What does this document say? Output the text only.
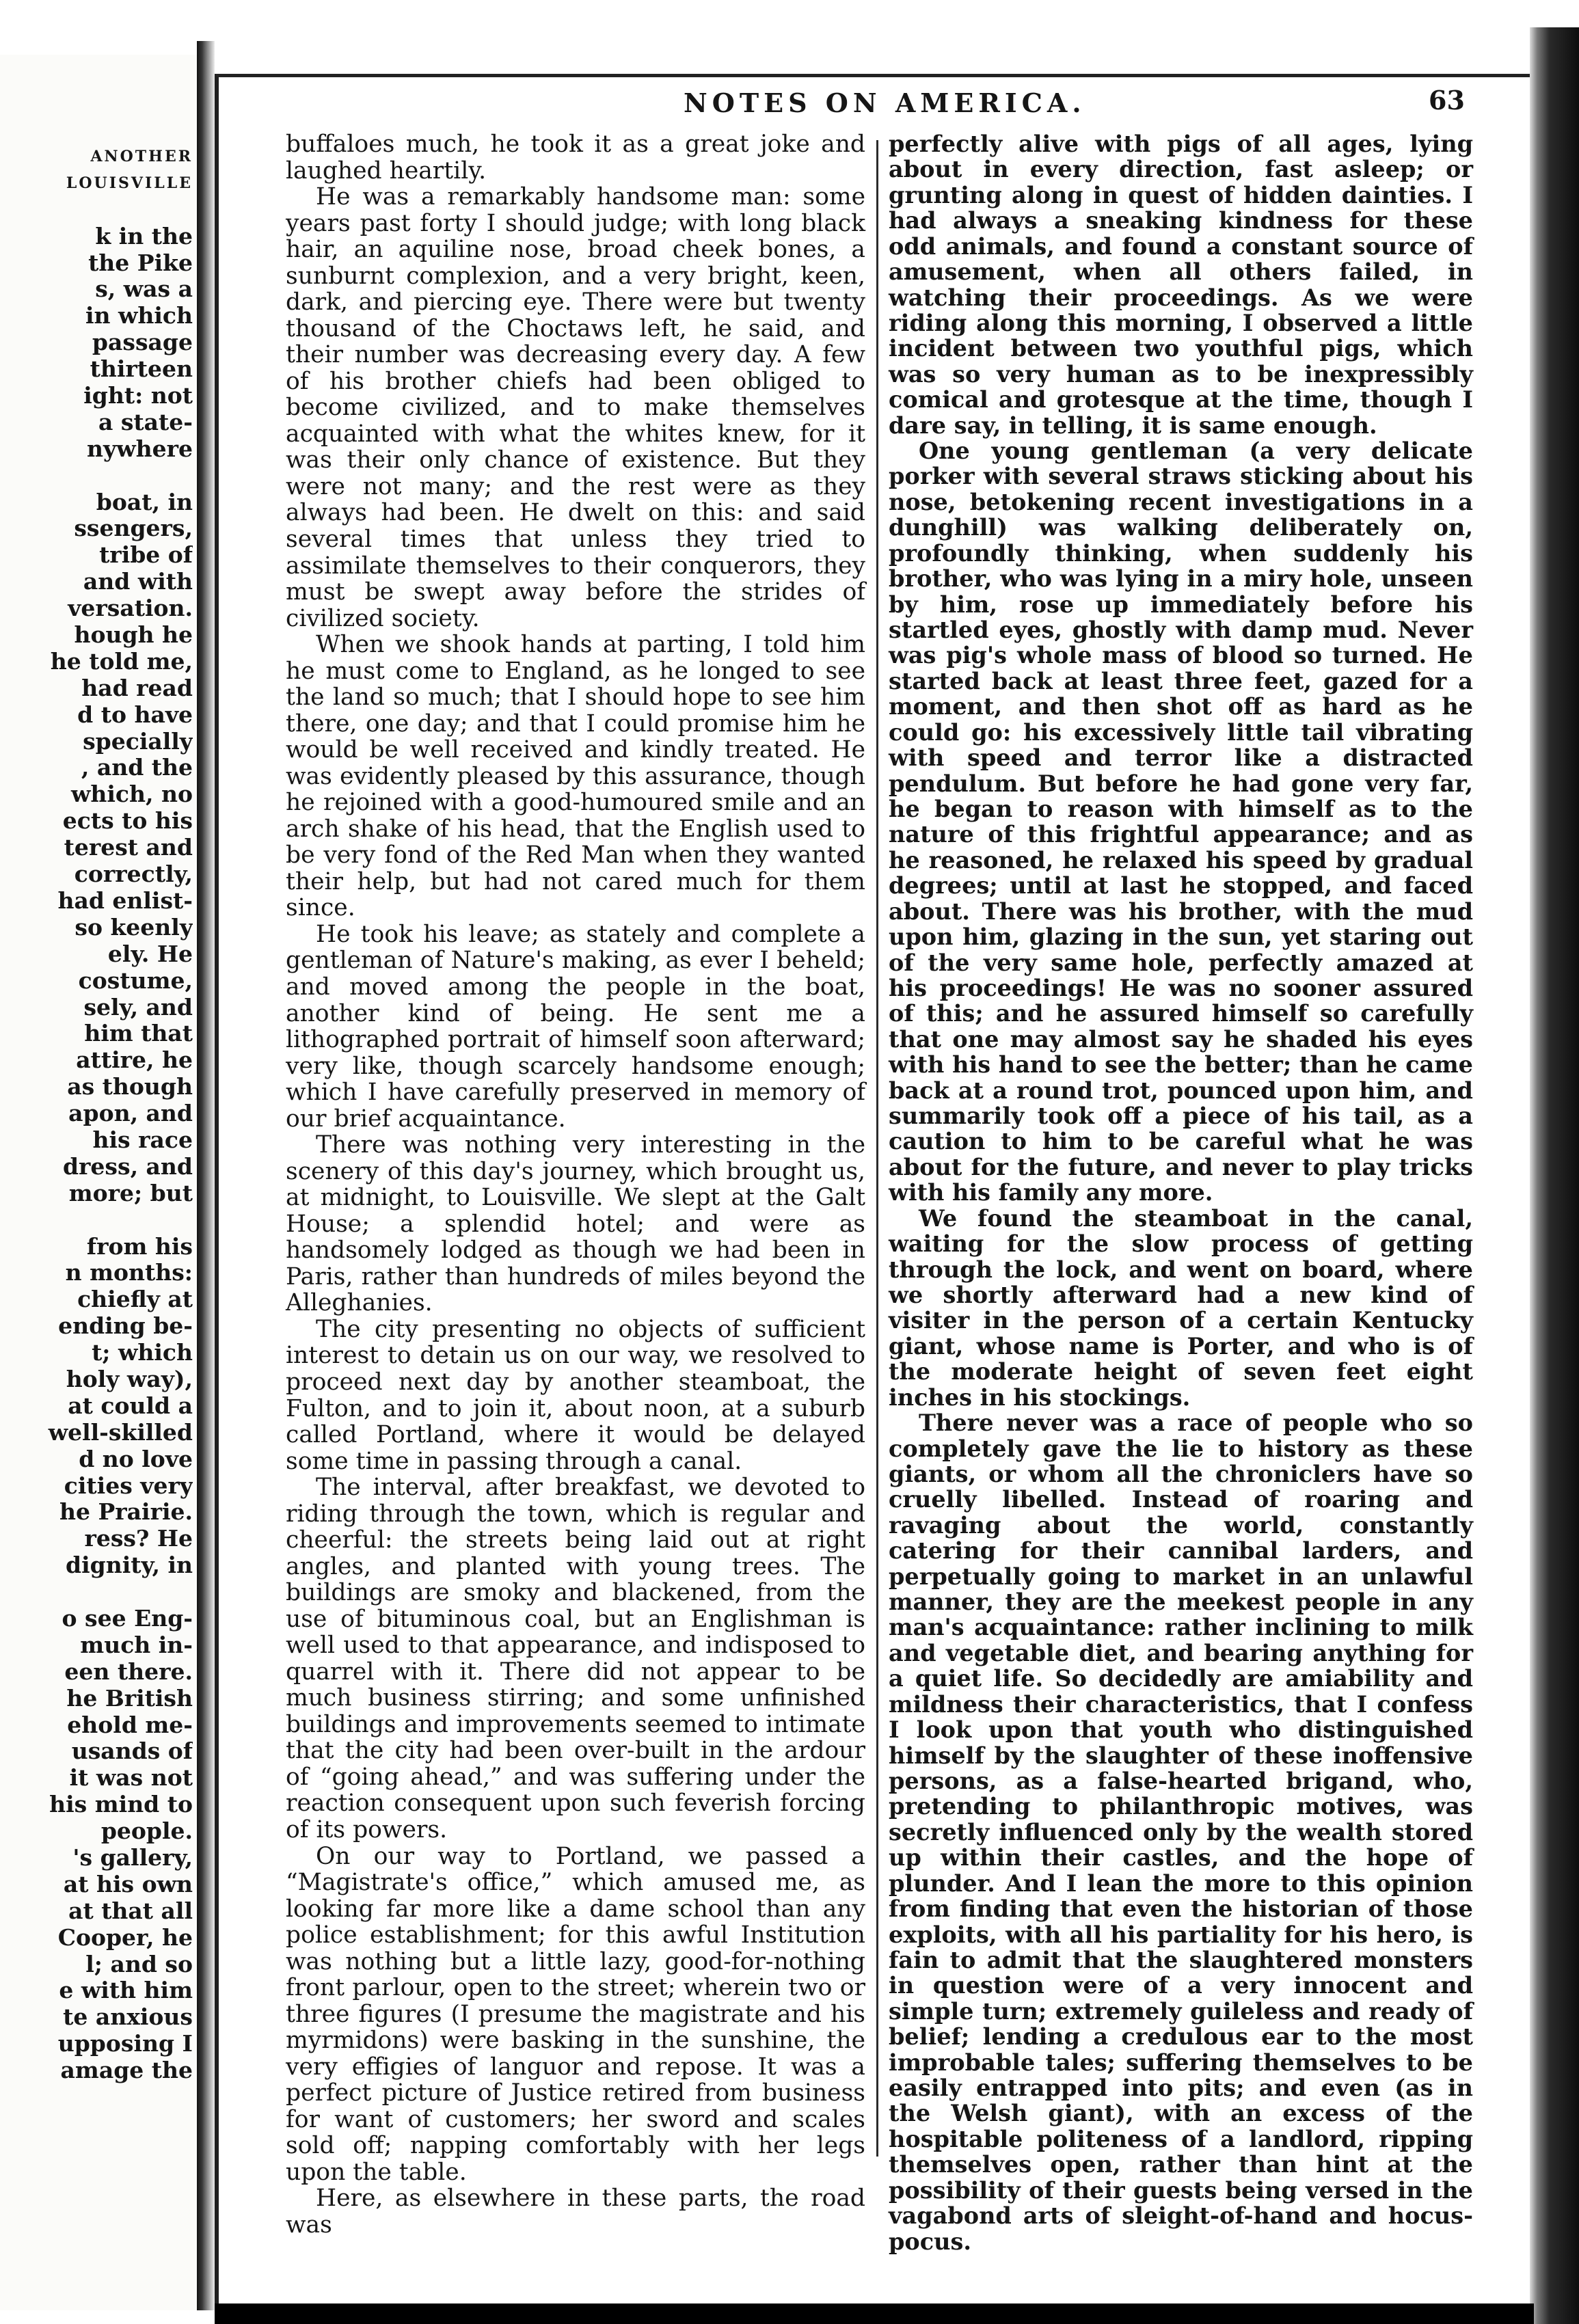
ANOTHER
LOUISVILLE
k in the
the Pike
s, was a
in which
passage
thirteen
ight: not
a state-
nywhere
boat, in
ssengers,
tribe of
and with
versation.
hough he
he told me,
had read
d to have
specially
, and the
which, no
ects to his
terest and
correctly,
had enlist-
so keenly
ely. He
costume,
sely, and
him that
attire, he
as though
apon, and
his race
dress, and
more; but
from his
n months:
chiefly at
ending be-
t; which
holy way),
at could a
well-skilled
d no love
cities very
he Prairie.
ress? He
dignity, in
o see Eng-
much in-
een there.
he British
ehold me-
usands of
it was not
his mind to
people.
's gallery,
at his own
at that all
Cooper, he
l; and so
e with him
te anxious
upposing I
amage the
NOTES ON AMERICA.	63

buffaloes much, he took it as a great joke and laughed heartily.

He was a remarkably handsome man: some years past forty I should judge; with long black hair, an aquiline nose, broad cheek bones, a sunburnt complexion, and a very bright, keen, dark, and piercing eye. There were but twenty thousand of the Choctaws left, he said, and their number was decreasing every day. A few of his brother chiefs had been obliged to become civilized, and to make themselves acquainted with what the whites knew, for it was their only chance of existence. But they were not many; and the rest were as they always had been. He dwelt on this: and said several times that unless they tried to assimilate themselves to their conquerors, they must be swept away before the strides of civilized society.

When we shook hands at parting, I told him he must come to England, as he longed to see the land so much; that I should hope to see him there, one day; and that I could promise him he would be well received and kindly treated. He was evidently pleased by this assurance, though he rejoined with a good-humoured smile and an arch shake of his head, that the English used to be very fond of the Red Man when they wanted their help, but had not cared much for them since.

He took his leave; as stately and complete a gentleman of Nature's making, as ever I beheld; and moved among the people in the boat, another kind of being. He sent me a lithographed portrait of himself soon afterward; very like, though scarcely handsome enough; which I have carefully preserved in memory of our brief acquaintance.

There was nothing very interesting in the scenery of this day's journey, which brought us, at midnight, to Louisville. We slept at the Galt House; a splendid hotel; and were as handsomely lodged as though we had been in Paris, rather than hundreds of miles beyond the Alleghanies.

The city presenting no objects of sufficient interest to detain us on our way, we resolved to proceed next day by another steamboat, the Fulton, and to join it, about noon, at a suburb called Portland, where it would be delayed some time in passing through a canal.

The interval, after breakfast, we devoted to riding through the town, which is regular and cheerful: the streets being laid out at right angles, and planted with young trees. The buildings are smoky and blackened, from the use of bituminous coal, but an Englishman is well used to that appearance, and indisposed to quarrel with it. There did not appear to be much business stirring; and some unfinished buildings and improvements seemed to intimate that the city had been over-built in the ardour of “going ahead,” and was suffering under the reaction consequent upon such feverish forcing of its powers.

On our way to Portland, we passed a “Magistrate's office,” which amused me, as looking far more like a dame school than any police establishment; for this awful Institution was nothing but a little lazy, good-for-nothing front parlour, open to the street; wherein two or three figures (I presume the magistrate and his myrmidons) were basking in the sunshine, the very effigies of languor and repose. It was a perfect picture of Justice retired from business for want of customers; her sword and scales sold off; napping comfortably with her legs upon the table.

Here, as elsewhere in these parts, the road was

perfectly alive with pigs of all ages, lying about in every direction, fast asleep; or grunting along in quest of hidden dainties. I had always a sneaking kindness for these odd animals, and found a constant source of amusement, when all others failed, in watching their proceedings. As we were riding along this morning, I observed a little incident between two youthful pigs, which was so very human as to be inexpressibly comical and grotesque at the time, though I dare say, in telling, it is same enough.

One young gentleman (a very delicate porker with several straws sticking about his nose, betokening recent investigations in a dunghill) was walking deliberately on, profoundly thinking, when suddenly his brother, who was lying in a miry hole, unseen by him, rose up immediately before his startled eyes, ghostly with damp mud. Never was pig's whole mass of blood so turned. He started back at least three feet, gazed for a moment, and then shot off as hard as he could go: his excessively little tail vibrating with speed and terror like a distracted pendulum. But before he had gone very far, he began to reason with himself as to the nature of this frightful appearance; and as he reasoned, he relaxed his speed by gradual degrees; until at last he stopped, and faced about. There was his brother, with the mud upon him, glazing in the sun, yet staring out of the very same hole, perfectly amazed at his proceedings! He was no sooner assured of this; and he assured himself so carefully that one may almost say he shaded his eyes with his hand to see the better; than he came back at a round trot, pounced upon him, and summarily took off a piece of his tail, as a caution to him to be careful what he was about for the future, and never to play tricks with his family any more.

We found the steamboat in the canal, waiting for the slow process of getting through the lock, and went on board, where we shortly afterward had a new kind of visiter in the person of a certain Kentucky giant, whose name is Porter, and who is of the moderate height of seven feet eight inches in his stockings.

There never was a race of people who so completely gave the lie to history as these giants, or whom all the chroniclers have so cruelly libelled. Instead of roaring and ravaging about the world, constantly catering for their cannibal larders, and perpetually going to market in an unlawful manner, they are the meekest people in any man's acquaintance: rather inclining to milk and vegetable diet, and bearing anything for a quiet life. So decidedly are amiability and mildness their characteristics, that I confess I look upon that youth who distinguished himself by the slaughter of these inoffensive persons, as a false-hearted brigand, who, pretending to philanthropic motives, was secretly influenced only by the wealth stored up within their castles, and the hope of plunder. And I lean the more to this opinion from finding that even the historian of those exploits, with all his partiality for his hero, is fain to admit that the slaughtered monsters in question were of a very innocent and simple turn; extremely guileless and ready of belief; lending a credulous ear to the most improbable tales; suffering themselves to be easily entrapped into pits; and even (as in the Welsh giant), with an excess of the hospitable politeness of a landlord, ripping themselves open, rather than hint at the possibility of their guests being versed in the vagabond arts of sleight-of-hand and hocus-pocus.
